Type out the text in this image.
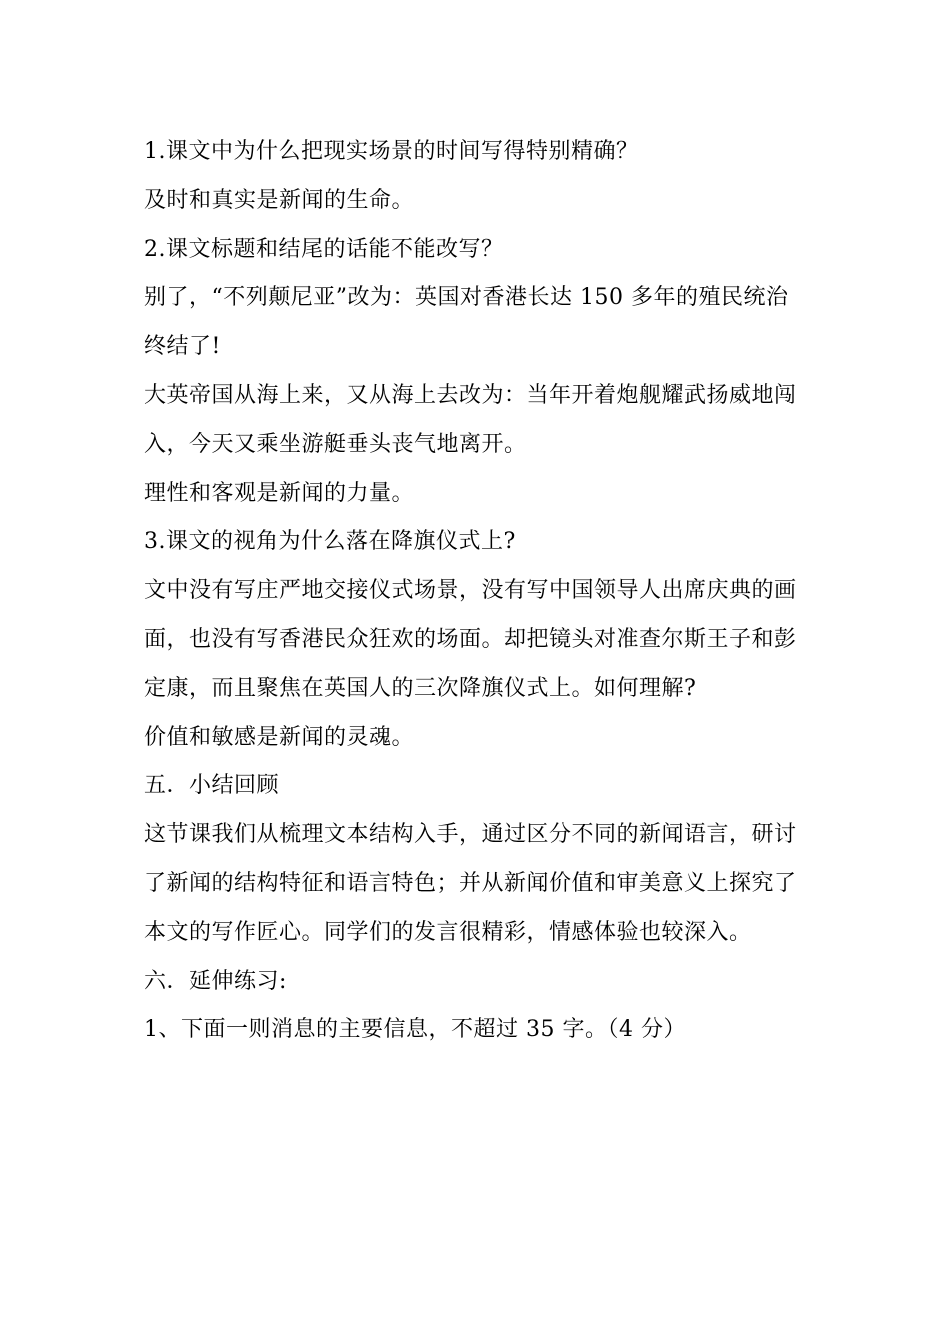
1.课文中为什么把现实场景的时间写得特别精确？
及时和真实是新闻的生命。
2.课文标题和结尾的话能不能改写？
别了，“不列颠尼亚”改为：英国对香港长达 150 多年的殖民统治
终结了!
大英帝国从海上来，又从海上去改为：当年开着炮舰耀武扬威地闯
入，今天又乘坐游艇垂头丧气地离开。
理性和客观是新闻的力量。
3.课文的视角为什么落在降旗仪式上?
文中没有写庄严地交接仪式场景，没有写中国领导人出席庆典的画
面，也没有写香港民众狂欢的场面。却把镜头对准查尔斯王子和彭
定康，而且聚焦在英国人的三次降旗仪式上。如何理解?
价值和敏感是新闻的灵魂。
五．小结回顾
这节课我们从梳理文本结构入手，通过区分不同的新闻语言，研讨
了新闻的结构特征和语言特色；并从新闻价值和审美意义上探究了
本文的写作匠心。同学们的发言很精彩，情感体验也较深入。
六．延伸练习:
1、下面一则消息的主要信息，不超过 35 字。（4 分）
